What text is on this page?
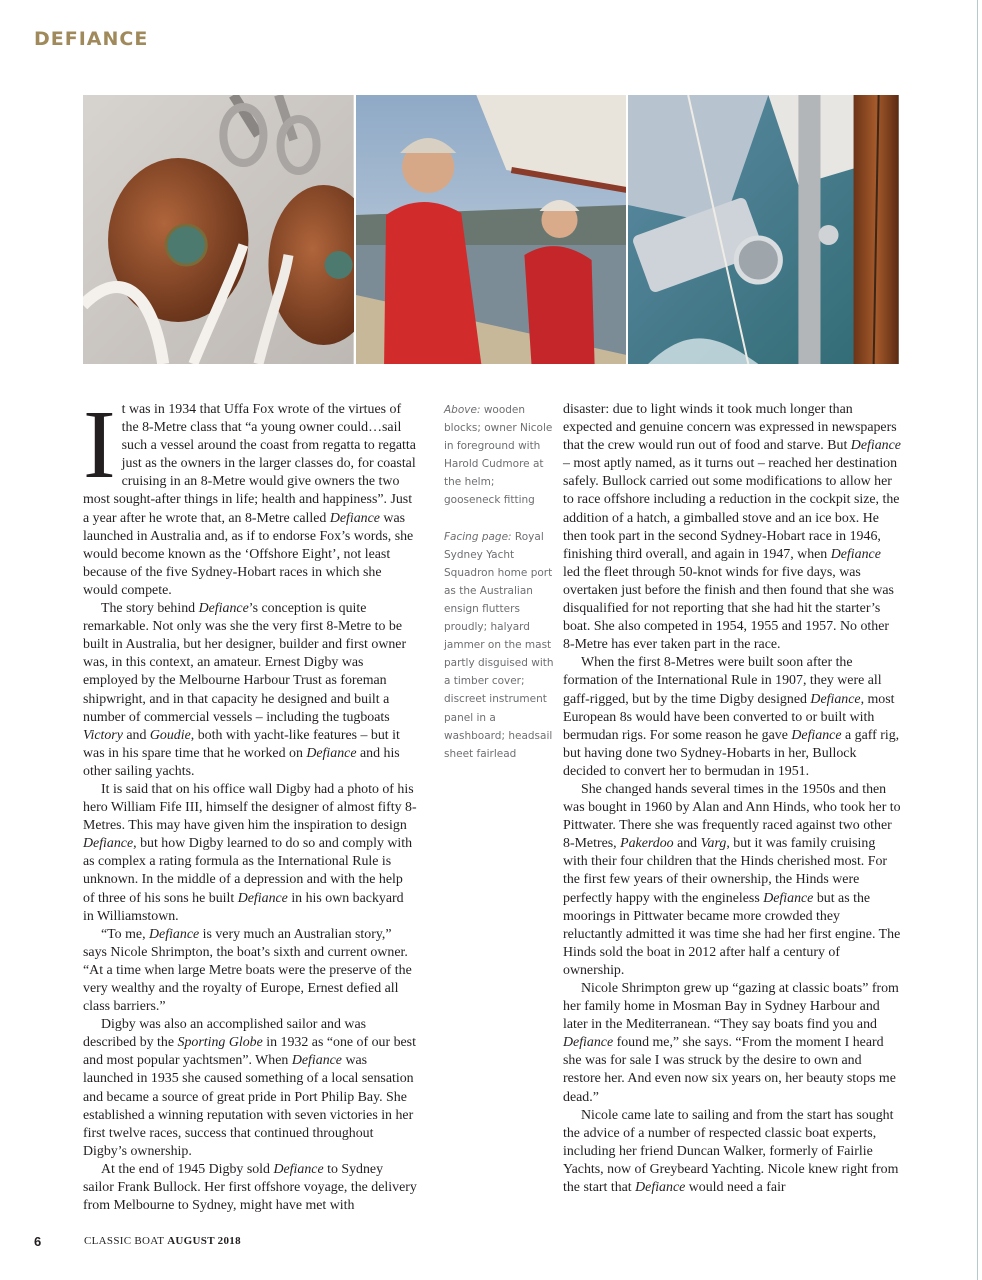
DEFIANCE

It was in 1934 that Uffa Fox wrote of the virtues of the 8-Metre class that “a young owner could…sail such a vessel around the coast from regatta to regatta just as the owners in the larger classes do, for coastal cruising in an 8-Metre would give owners the two most sought-after things in life; health and happiness”. Just a year after he wrote that, an 8-Metre called Defiance was launched in Australia and, as if to endorse Fox’s words, she would become known as the ‘Offshore Eight’, not least because of the five Sydney-Hobart races in which she would compete.

The story behind Defiance’s conception is quite remarkable. Not only was she the very first 8-Metre to be built in Australia, but her designer, builder and first owner was, in this context, an amateur. Ernest Digby was employed by the Melbourne Harbour Trust as foreman shipwright, and in that capacity he designed and built a number of commercial vessels – including the tugboats Victory and Goudie, both with yacht-like features – but it was in his spare time that he worked on Defiance and his other sailing yachts.

It is said that on his office wall Digby had a photo of his hero William Fife III, himself the designer of almost fifty 8-Metres. This may have given him the inspiration to design Defiance, but how Digby learned to do so and comply with as complex a rating formula as the International Rule is unknown. In the middle of a depression and with the help of three of his sons he built Defiance in his own backyard in Williamstown.

“To me, Defiance is very much an Australian story,” says Nicole Shrimpton, the boat’s sixth and current owner. “At a time when large Metre boats were the preserve of the very wealthy and the royalty of Europe, Ernest defied all class barriers.”

Digby was also an accomplished sailor and was described by the Sporting Globe in 1932 as “one of our best and most popular yachtsmen”. When Defiance was launched in 1935 she caused something of a local sensation and became a source of great pride in Port Philip Bay. She established a winning reputation with seven victories in her first twelve races, success that continued throughout Digby’s ownership.

At the end of 1945 Digby sold Defiance to Sydney sailor Frank Bullock. Her first offshore voyage, the delivery from Melbourne to Sydney, might have met with

Above: wooden blocks; owner Nicole in foreground with Harold Cudmore at the helm; gooseneck fitting

Facing page: Royal Sydney Yacht Squadron home port as the Australian ensign flutters proudly; halyard jammer on the mast partly disguised with a timber cover; discreet instrument panel in a washboard; headsail sheet fairlead

disaster: due to light winds it took much longer than expected and genuine concern was expressed in newspapers that the crew would run out of food and starve. But Defiance – most aptly named, as it turns out – reached her destination safely. Bullock carried out some modifications to allow her to race offshore including a reduction in the cockpit size, the addition of a hatch, a gimballed stove and an ice box. He then took part in the second Sydney-Hobart race in 1946, finishing third overall, and again in 1947, when Defiance led the fleet through 50-knot winds for five days, was overtaken just before the finish and then found that she was disqualified for not reporting that she had hit the starter’s boat. She also competed in 1954, 1955 and 1957. No other 8-Metre has ever taken part in the race.

When the first 8-Metres were built soon after the formation of the International Rule in 1907, they were all gaff-rigged, but by the time Digby designed Defiance, most European 8s would have been converted to or built with bermudan rigs. For some reason he gave Defiance a gaff rig, but having done two Sydney-Hobarts in her, Bullock decided to convert her to bermudan in 1951.

She changed hands several times in the 1950s and then was bought in 1960 by Alan and Ann Hinds, who took her to Pittwater. There she was frequently raced against two other 8-Metres, Pakerdoo and Varg, but it was family cruising with their four children that the Hinds cherished most. For the first few years of their ownership, the Hinds were perfectly happy with the engineless Defiance but as the moorings in Pittwater became more crowded they reluctantly admitted it was time she had her first engine. The Hinds sold the boat in 2012 after half a century of ownership.

Nicole Shrimpton grew up “gazing at classic boats” from her family home in Mosman Bay in Sydney Harbour and later in the Mediterranean. “They say boats find you and Defiance found me,” she says. “From the moment I heard she was for sale I was struck by the desire to own and restore her. And even now six years on, her beauty stops me dead.”

Nicole came late to sailing and from the start has sought the advice of a number of respected classic boat experts, including her friend Duncan Walker, formerly of Fairlie Yachts, now of Greybeard Yachting. Nicole knew right from the start that Defiance would need a fair

6	CLASSIC BOAT AUGUST 2018
